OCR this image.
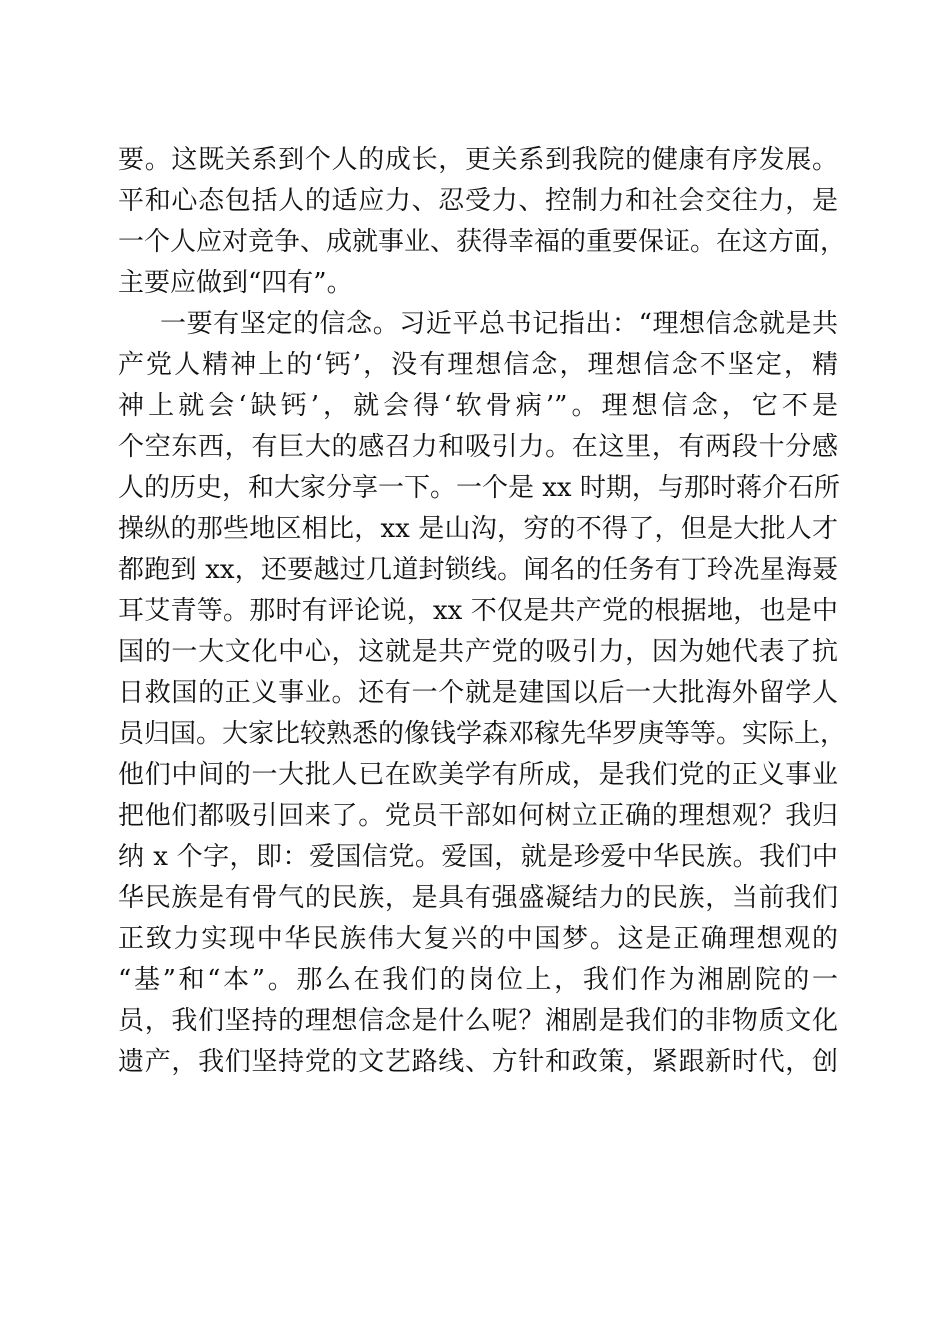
要。这既关系到个人的成长，更关系到我院的健康有序发展。
平和心态包括人的适应力、忍受力、控制力和社会交往力，是
一个人应对竞争、成就事业、获得幸福的重要保证。在这方面，
主要应做到“四有”。
一要有坚定的信念。习近平总书记指出：“理想信念就是共
产党人精神上的‘钙’，没有理想信念，理想信念不坚定，精
神上就会‘缺钙’，就会得‘软骨病’”。理想信念，它不是
个空东西，有巨大的感召力和吸引力。在这里，有两段十分感
人的历史，和大家分享一下。一个是 xx 时期，与那时蒋介石所
操纵的那些地区相比，xx 是山沟，穷的不得了，但是大批人才
都跑到 xx，还要越过几道封锁线。闻名的任务有丁玲冼星海聂
耳艾青等。那时有评论说，xx 不仅是共产党的根据地，也是中
国的一大文化中心，这就是共产党的吸引力，因为她代表了抗
日救国的正义事业。还有一个就是建国以后一大批海外留学人
员归国。大家比较熟悉的像钱学森邓稼先华罗庚等等。实际上，
他们中间的一大批人已在欧美学有所成，是我们党的正义事业
把他们都吸引回来了。党员干部如何树立正确的理想观？我归
纳 x 个字，即：爱国信党。爱国，就是珍爱中华民族。我们中
华民族是有骨气的民族，是具有强盛凝结力的民族，当前我们
正致力实现中华民族伟大复兴的中国梦。这是正确理想观的
“基”和“本”。那么在我们的岗位上，我们作为湘剧院的一
员，我们坚持的理想信念是什么呢？湘剧是我们的非物质文化
遗产，我们坚持党的文艺路线、方针和政策，紧跟新时代，创
